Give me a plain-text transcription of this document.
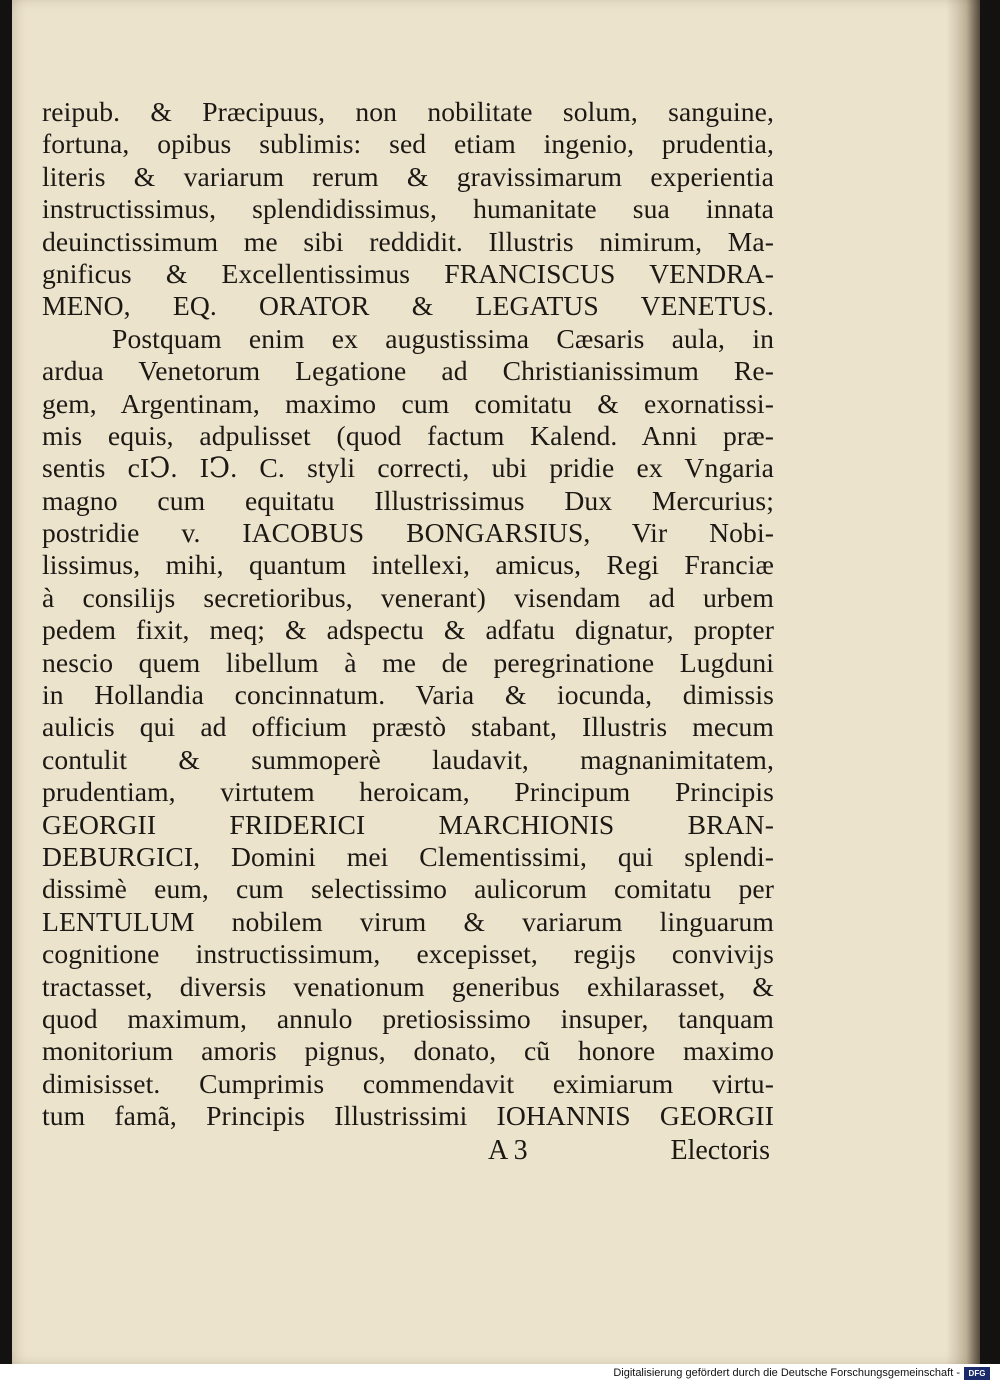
reipub. & Præcipuus, non nobilitate solum, sanguine,
fortuna, opibus sublimis: sed etiam ingenio, prudentia,
literis & variarum rerum & gravissimarum experientia
instructissimus, splendidissimus, humanitate sua innata
deuinctissimum me sibi reddidit. Illustris nimirum, Ma-
gnificus & Excellentissimus FRANCISCUS VENDRA-
MENO, EQ. ORATOR & LEGATUS VENETUS.
Postquam enim ex augustissima Cæsaris aula, in
ardua Venetorum Legatione ad Christianissimum Re-
gem, Argentinam, maximo cum comitatu & exornatissi-
mis equis, adpulisset (quod factum Kalend. Anni præ-
sentis cIↃ. IↃ. C. styli correcti, ubi pridie ex Vngaria
magno cum equitatu Illustrissimus Dux Mercurius;
postridie v. IACOBUS BONGARSIUS, Vir Nobi-
lissimus, mihi, quantum intellexi, amicus, Regi Franciæ
à consilijs secretioribus, venerant) visendam ad urbem
pedem fixit, meq; & adspectu & adfatu dignatur, propter
nescio quem libellum à me de peregrinatione Lugduni
in Hollandia concinnatum. Varia & iocunda, dimissis
aulicis qui ad officium præstò stabant, Illustris mecum
contulit & summoperè laudavit, magnanimitatem,
prudentiam, virtutem heroicam, Principum Principis
GEORGII FRIDERICI MARCHIONIS BRAN-
DEBURGICI, Domini mei Clementissimi, qui splendi-
dissimè eum, cum selectissimo aulicorum comitatu per
LENTULUM nobilem virum & variarum linguarum
cognitione instructissimum, excepisset, regijs convivijs
tractasset, diversis venationum generibus exhilarasset, &
quod maximum, annulo pretiosissimo insuper, tanquam
monitorium amoris pignus, donato, cũ honore maximo
dimisisset. Cumprimis commendavit eximiarum virtu-
tum famã, Principis Illustrissimi IOHANNIS GEORGII
A 3	Electoris
Digitalisierung gefördert durch die Deutsche Forschungsgemeinschaft -	DFG
